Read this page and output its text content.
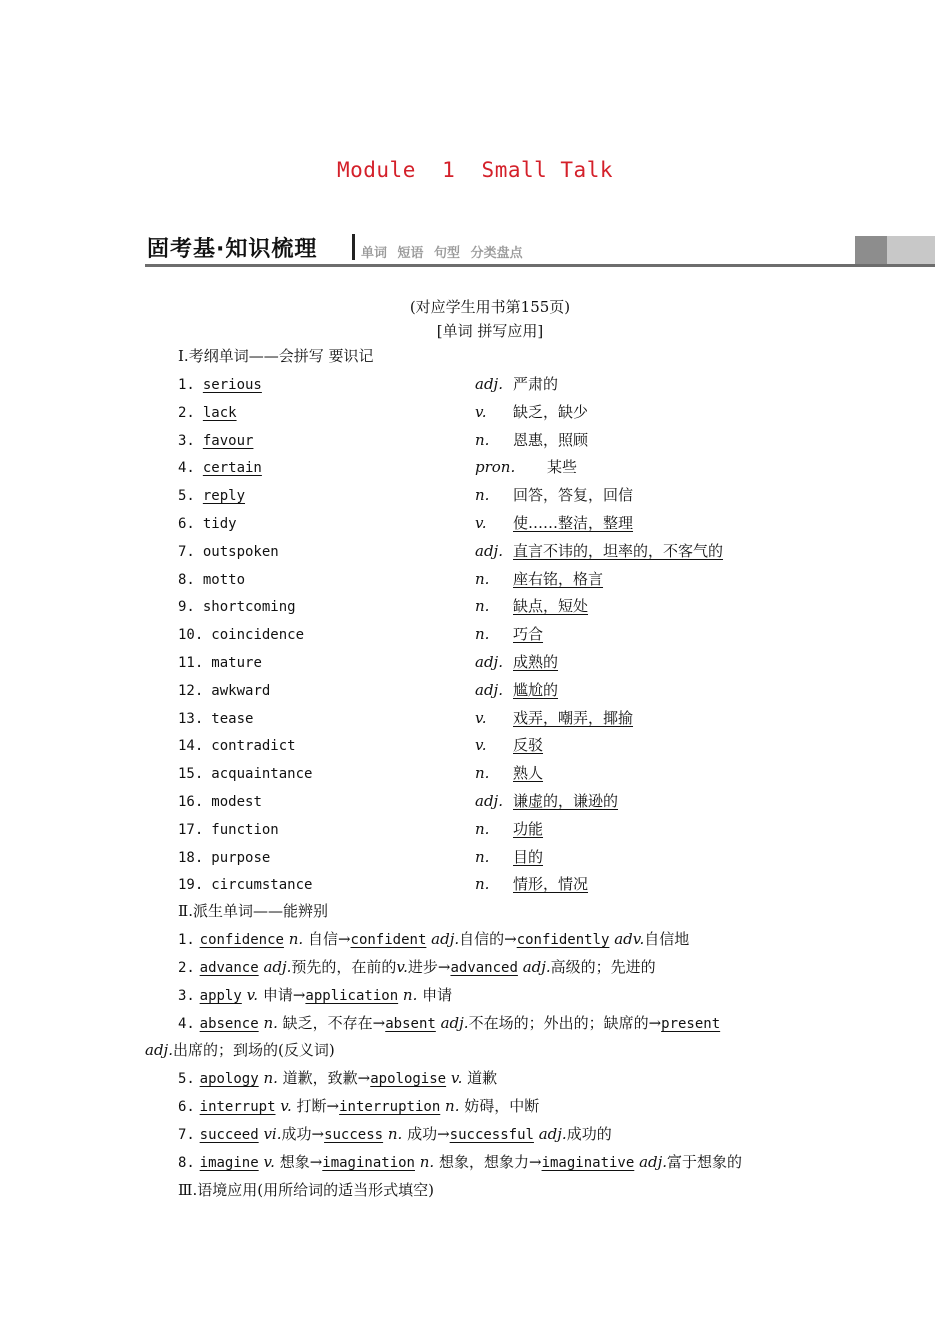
Module  1  Small Talk
固考基·知识梳理	单词 短语 句型 分类盘点
(对应学生用书第155页)
[单词 拼写应用]
Ⅰ.考纲单词——会拼写 要识记
1. serious	adj. 严肃的
2. lack	v. 缺乏，缺少
3. favour	n. 恩惠，照顾
4. certain	pron. 某些
5. reply	n. 回答，答复，回信
6. tidy	v. 使……整洁，整理
7. outspoken	adj. 直言不讳的，坦率的，不客气的
8. motto	n. 座右铭，格言
9. shortcoming	n. 缺点，短处
10. coincidence	n. 巧合
11. mature	adj. 成熟的
12. awkward	adj. 尴尬的
13. tease	v. 戏弄，嘲弄，揶揄
14. contradict	v. 反驳
15. acquaintance	n. 熟人
16. modest	adj. 谦虚的，谦逊的
17. function	n. 功能
18. purpose	n. 目的
19. circumstance	n. 情形，情况
Ⅱ.派生单词——能辨别
1. confidence n. 自信→confident adj.自信的→confidently adv.自信地
2. advance adj.预先的，在前的v.进步→advanced adj.高级的；先进的
3. apply v. 申请→application n. 申请
4. absence n. 缺乏，不存在→absent adj.不在场的；外出的；缺席的→present
adj.出席的；到场的(反义词)
5. apology n. 道歉，致歉→apologise v. 道歉
6. interrupt v. 打断→interruption n. 妨碍，中断
7. succeed vi.成功→success n. 成功→successful adj.成功的
8. imagine v. 想象→imagination n. 想象，想象力→imaginative adj.富于想象的
Ⅲ.语境应用(用所给词的适当形式填空)
